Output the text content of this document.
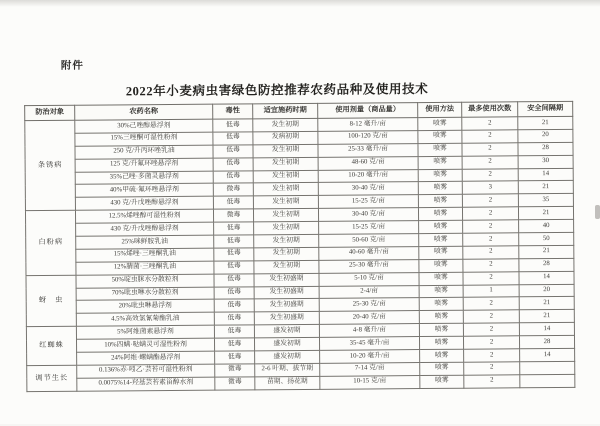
附件
2022年小麦病虫害绿色防控推荐农药品种及使用技术
防治对象	农药名称	毒性	适宜施药时期	使用剂量（商品量）	使用方法	最多使用次数	安全间隔期
条锈病	30%己唑醇悬浮剂	低毒	发生初期	8-12 毫升/亩	喷雾	2	21
	15%三唑酮可湿性粉剂	低毒	发病初期	100-120 克/亩	喷雾	2	20
	250 克/升丙环唑乳油	低毒	发生初期	25-33 毫升/亩	喷雾	2	28
	125 克/升氟环唑悬浮剂	低毒	发生初期	48-60 克/亩	喷雾	2	30
	35%己唑·多菌灵悬浮剂	低毒	发生初期	10-20 毫升/亩	喷雾	2	14
	40%甲硫·氟环唑悬浮剂	微毒	发生初期	30-40 克/亩	喷雾	3	21
	430 克/升戊唑醇悬浮剂	低毒	发生初期	15-25 克/亩	喷雾	2	35
白粉病	12.5%烯唑醇可湿性粉剂	微毒	发生初期	30-40 克/亩	喷雾	2	21
	430 克/升戊唑醇悬浮剂	低毒	发生初期	15-25 克/亩	喷雾	2	40
	25%咪鲜胺乳油	低毒	发生初期	50-60 克/亩	喷雾	2	50
	15%烯唑·三唑酮乳油	低毒	发生初期	40-60 毫升/亩	喷雾	2	21
	12%腈菌·三唑酮乳油	低毒	发生初期	25-30 毫升/亩	喷雾	2	28
蚜　虫	50%啶虫脒水分散粒剂	低毒	发生初盛期	5-10 克/亩	喷雾	2	14
	70%吡虫啉水分散粒剂	低毒	发生初盛期	2-4/亩	喷雾	1	20
	20%吡虫啉悬浮剂	低毒	发生初盛期	25-30 克/亩	喷雾	2	21
	4.5%高效氯氰菊酯乳油	低毒	发生初盛期	20-40 克/亩	喷雾	2	21
红蜘蛛	5%阿维菌素悬浮剂	低毒	盛发初期	4-8 毫升/亩	喷雾	2	14
	10%四螨·哒螨灵可湿性粉剂	低毒	盛发初期	35-45 毫升/亩	喷雾	2	28
	24%阿维·螺螨酯悬浮剂	低毒	盛发初期	10-20 毫升/亩	喷雾	2	14
调节生长	0.136%赤·吲乙·芸苔可湿性粉剂	微毒	2-6 叶期、拔节期	7-14 克/亩	喷雾	2	
	0.0075%14-羟基芸苔素甾醇水剂	微毒	苗期、扬花期	10-15 克/亩	喷雾	2	
